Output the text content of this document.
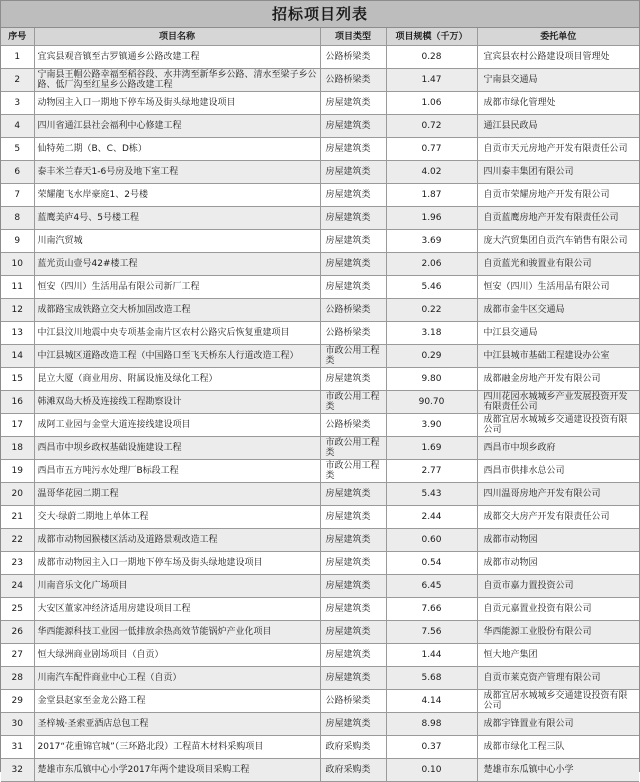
招标项目列表
序号	项目名称	项目类型	项目规模（千万）	委托单位
1	宜宾县观音镇至古罗镇通乡公路改建工程	公路桥梁类	0.28	宜宾县农村公路建设项目管理处
2	宁南县王帽公路幸福至稻谷段、水井湾至新华乡公路、清水至梁子乡公路、低厂沟至红星乡公路改建工程	公路桥梁类	1.47	宁南县交通局
3	动物园主入口一期地下停车场及街头绿地建设项目	房屋建筑类	1.06	成都市绿化管理处
4	四川省通江县社会福利中心修建工程	房屋建筑类	0.72	通江县民政局
5	仙特苑二期（B、C、D栋）	房屋建筑类	0.77	自贡市天元房地产开发有限责任公司
6	泰丰米兰春天1-6号房及地下室工程	房屋建筑类	4.02	四川泰丰集团有限公司
7	荣耀龍飞水岸豪庭1、2号楼	房屋建筑类	1.87	自贡市荣耀房地产开发有限公司
8	蓝鹰美庐4号、5号楼工程	房屋建筑类	1.96	自贡蓝鹰房地产开发有限责任公司
9	川南汽贸城	房屋建筑类	3.69	庞大汽贸集团自贡汽车销售有限公司
10	蓝光贡山壹号42#楼工程	房屋建筑类	2.06	自贡蓝光和骏置业有限公司
11	恒安（四川）生活用品有限公司新厂工程	房屋建筑类	5.46	恒安（四川）生活用品有限公司
12	成都路宝成铁路立交大桥加固改造工程	公路桥梁类	0.22	成都市金牛区交通局
13	中江县汶川地震中央专项基金南片区农村公路灾后恢复重建项目	公路桥梁类	3.18	中江县交通局
14	中江县城区道路改造工程（中国路口至飞天桥东人行道改造工程）	市政公用工程类	0.29	中江县城市基础工程建设办公室
15	昆立大厦（商业用房、附属设施及绿化工程）	房屋建筑类	9.80	成都融金房地产开发有限公司
16	韩滩双岛大桥及连接线工程勘察设计	市政公用工程类	90.70	四川花园水城城乡产业发展投资开发有限责任公司
17	成阿工业园与金堂大道连接线建设项目	公路桥梁类	3.90	成都宜居水城城乡交通建设投资有限公司
18	西昌市中坝乡政权基础设施建设工程	市政公用工程类	1.69	西昌市中坝乡政府
19	西昌市五方吨污水处理厂B标段工程	市政公用工程类	2.77	西昌市供排水总公司
20	温哥华花园二期工程	房屋建筑类	5.43	四川温哥房地产开发有限公司
21	交大·绿蔚二期地上单体工程	房屋建筑类	2.44	成都交大房产开发有限责任公司
22	成都市动物园猴楼区活动及道路景观改造工程	房屋建筑类	0.60	成都市动物园
23	成都市动物园主入口一期地下停车场及街头绿地建设项目	房屋建筑类	0.54	成都市动物园
24	川南音乐文化广场项目	房屋建筑类	6.45	自贡市嘉力置投资公司
25	大安区董家冲经济适用房建设项目工程	房屋建筑类	7.66	自贡元嘉置业投资有限公司
26	华西能源科技工业园一低排放余热高效节能锅炉产业化项目	房屋建筑类	7.56	华西能源工业股份有限公司
27	恒大绿洲商业剧场项目（自贡）	房屋建筑类	1.44	恒大地产集团
28	川南汽车配件商业中心工程（自贡）	房屋建筑类	5.68	自贡市莱克资产管理有限公司
29	金堂县赵家至金龙公路工程	公路桥梁类	4.14	成都宜居水城城乡交通建设投资有限公司
30	圣梓城·圣索亚酒店总包工程	房屋建筑类	8.98	成都宇锋置业有限公司
31	2017“花重锦官城”（三环路北段）工程苗木材料采购项目	政府采购类	0.37	成都市绿化工程三队
32	楚雄市东瓜镇中心小学2017年两个建设项目采购工程	政府采购类	0.10	楚雄市东瓜镇中心小学
